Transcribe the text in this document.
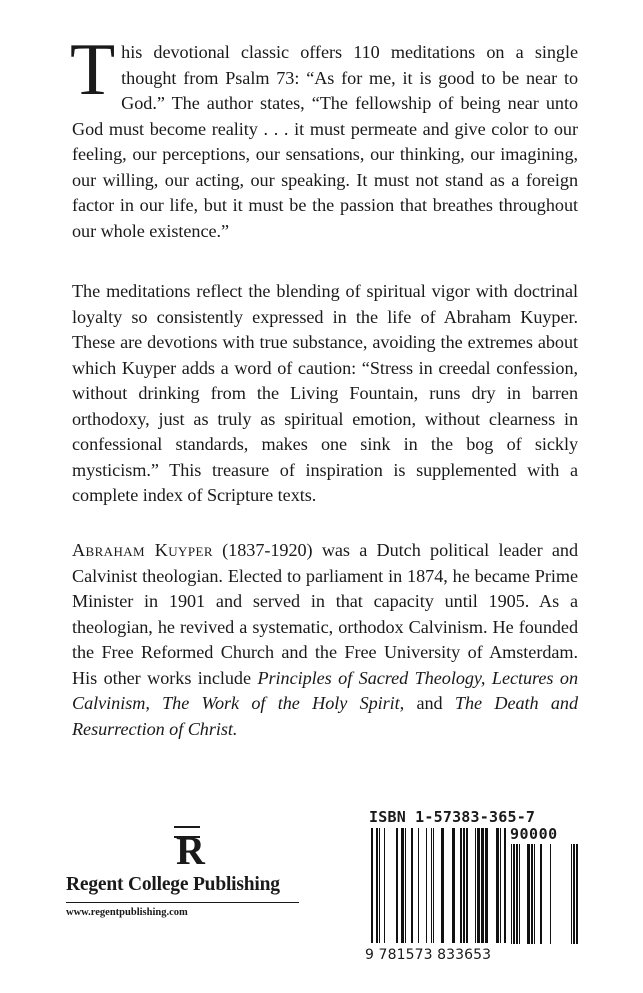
This devotional classic offers 110 meditations on a single thought from Psalm 73: “As for me, it is good to be near to God.” The author states, “The fellowship of being near unto God must become reality . . . it must permeate and give color to our feeling, our perceptions, our sensations, our thinking, our imagining, our willing, our acting, our speaking. It must not stand as a foreign factor in our life, but it must be the passion that breathes throughout our whole existence.”

The meditations reflect the blending of spiritual vigor with doctrinal loyalty so consistently expressed in the life of Abraham Kuyper. These are devotions with true substance, avoiding the extremes about which Kuyper adds a word of caution: “Stress in creedal confession, without drinking from the Living Fountain, runs dry in barren orthodoxy, just as truly as spiritual emotion, without clearness in confessional standards, makes one sink in the bog of sickly mysticism.” This treasure of inspiration is supplemented with a complete index of Scripture texts.

Abraham Kuyper (1837-1920) was a Dutch political leader and Calvinist theologian. Elected to parliament in 1874, he became Prime Minister in 1901 and served in that capacity until 1905. As a theologian, he revived a systematic, orthodox Calvinism. He founded the Free Reformed Church and the Free University of Amsterdam. His other works include Principles of Sacred Theology, Lectures on Calvinism, The Work of the Holy Spirit, and The Death and Resurrection of Christ.

R
Regent College Publishing
www.regentpublishing.com
ISBN 1-57383-365-7
90000
9 781573 833653
